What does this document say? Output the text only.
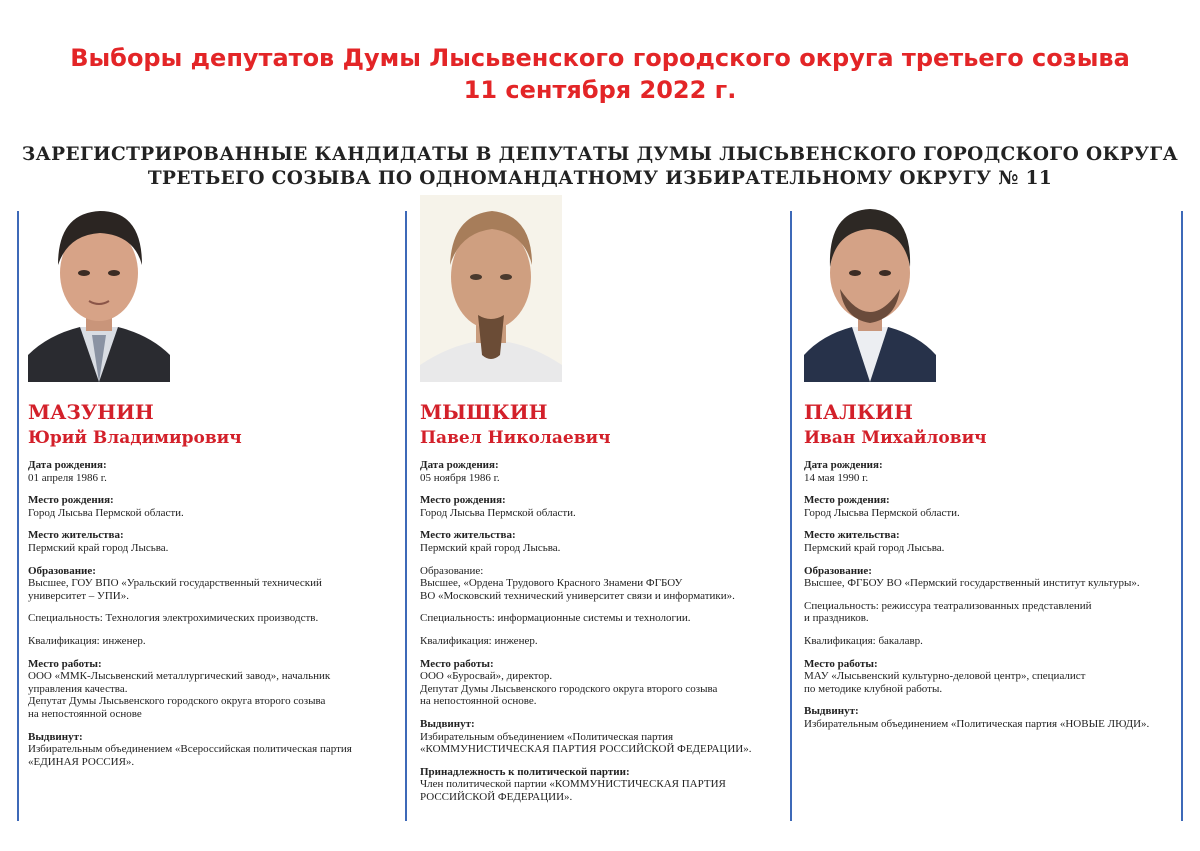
Выборы депутатов Думы Лысьвенского городского округа третьего созыва
11 сентября 2022 г.
ЗАРЕГИСТРИРОВАННЫЕ КАНДИДАТЫ В ДЕПУТАТЫ ДУМЫ ЛЫСЬВЕНСКОГО ГОРОДСКОГО ОКРУГА
ТРЕТЬЕГО СОЗЫВА ПО ОДНОМАНДАТНОМУ ИЗБИРАТЕЛЬНОМУ ОКРУГУ № 11
МАЗУНИН
Юрий Владимирович
Дата рождения:
01 апреля 1986 г.
Место рождения:
Город Лысьва Пермской области.
Место жительства:
Пермский край город Лысьва.
Образование:
Высшее, ГОУ ВПО «Уральский государственный технический
университет – УПИ».
Специальность: Технология электрохимических производств.
Квалификация: инженер.
Место работы:
ООО «ММК-Лысьвенский металлургический завод», начальник
управления качества.
Депутат Думы Лысьвенского городского округа второго созыва
на непостоянной основе
Выдвинут:
Избирательным объединением «Всероссийская политическая партия
«ЕДИНАЯ РОССИЯ».
МЫШКИН
Павел Николаевич
Дата рождения:
05 ноября 1986 г.
Место рождения:
Город Лысьва Пермской области.
Место жительства:
Пермский край город Лысьва.
Образование:
Высшее, «Ордена Трудового Красного Знамени ФГБОУ
ВО «Московский технический университет связи и информатики».
Специальность: информационные системы и технологии.
Квалификация: инженер.
Место работы:
ООО «Буросвай», директор.
Депутат Думы Лысьвенского городского округа второго созыва
на непостоянной основе.
Выдвинут:
Избирательным объединением «Политическая партия
«КОММУНИСТИЧЕСКАЯ ПАРТИЯ РОССИЙСКОЙ ФЕДЕРАЦИИ».
Принадлежность к политической партии:
Член политической партии «КОММУНИСТИЧЕСКАЯ ПАРТИЯ
РОССИЙСКОЙ ФЕДЕРАЦИИ».
ПАЛКИН
Иван Михайлович
Дата рождения:
14 мая 1990 г.
Место рождения:
Город Лысьва Пермской области.
Место жительства:
Пермский край город Лысьва.
Образование:
Высшее, ФГБОУ ВО «Пермский государственный институт культуры».
Специальность: режиссура театрализованных представлений
и праздников.
Квалификация: бакалавр.
Место работы:
МАУ «Лысьвенский культурно-деловой центр», специалист
по методике клубной работы.
Выдвинут:
Избирательным объединением «Политическая партия «НОВЫЕ ЛЮДИ».
